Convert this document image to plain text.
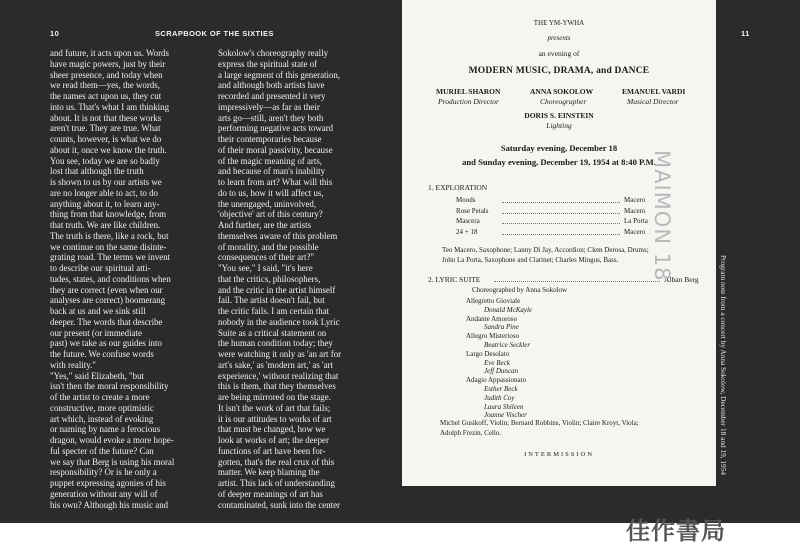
10	SCRAPBOOK OF THE SIXTIES
and future, it acts upon us. Words
have magic powers, just by their
sheer presence, and today when
we read them—yes, the words,
the names act upon us, they cut
into us. That's what I am thinking
about. It is not that these works
aren't true. They are true. What
counts, however, is what we do
about it, once we know the truth.
You see, today we are so badly
lost that although the truth
is shown to us by our artists we
are no longer able to act, to do
anything about it, to learn any-
thing from that knowledge, from
that truth. We are like children.
The truth is there, like a rock, but
we continue on the same disinte-
grating road. The terms we invent
to describe our spiritual atti-
tudes, states, and conditions when
they are correct (even when our
analyses are correct) boomerang
back at us and we sink still
deeper. The words that describe
our present (or immediate
past) we take as our guides into
the future. We confuse words
with reality."
"Yes," said Elizabeth, "but
isn't then the moral responsibility
of the artist to create a more
constructive, more optimistic
art which, instead of evoking
or naming by name a ferocious
dragon, would evoke a more hope-
ful specter of the future? Can
we say that Berg is using his moral
responsibility? Or is he only a
puppet expressing agonies of his
generation without any will of
his own? Although his music and
Sokolow's choreography really
express the spiritual state of
a large segment of this generation,
and although both artists have
recorded and presented it very
impressively—as far as their
arts go—still, aren't they both
performing negative acts toward
their contemporaries because
of their moral passivity, because
of the magic meaning of arts,
and because of man's inability
to learn from art? What will this
do to us, how it will affect us,
the unengaged, uninvolved,
'objective' art of this century?
And further, are the artists
themselves aware of this problem
of morality, and the possible
consequences of their art?"
"You see," I said, "it's here
that the critics, philosophers,
and the critic in the artist himself
fail. The artist doesn't fail, but
the critic fails. I am certain that
nobody in the audience took Lyric
Suite as a critical statement on
the human condition today; they
were watching it only as 'an art for
art's sake,' as 'modern art,' as 'art
experience,' without realizing that
this is them, that they themselves
are being mirrored on the stage.
It isn't the work of art that fails;
it is our attitudes to works of art
that must be changed, how we
look at works of art; the deeper
functions of art have been for-
gotten, that's the real crux of this
matter. We keep blaming the
artist. This lack of understanding
of deeper meanings of art has
contaminated, sunk into the center
11
THE YM-YWHA
presents
an evening of
MODERN MUSIC, DRAMA, and DANCE
MURIEL SHARON
Production Director
ANNA SOKOLOW
Choreographer
EMANUEL VARDI
Musical Director
DORIS S. EINSTEIN
Lighting
Saturday evening, December 18
and Sunday evening, December 19, 1954 at 8:40 P.M.
1. EXPLORATION
Moods	Macero
Rose Petals	Macero
Mascera	La Porta
24 + 18	Macero
Teo Macero, Saxophone; Lanny Di Jay, Accordion; Clem Derosa, Drums;
John La Porta, Saxophone and Clarinet; Charles Mingus, Bass.
2. LYRIC SUITE	Alban Berg
Choreographed by Anna Sokolow
Allegretto Gioviale
Donald McKayle
Andante Amoroso
Sandra Pine
Allegro Misterioso
Beatrice Seckler
Largo Desolato
Eve Beck
Jeff Duncan
Adagio Appassionato
Esther Beck
Judith Coy
Laura Shileen
Joanne Vischer
Michel Gusikoff, Violin; Bernard Robbins, Violin; Claire Kroyt, Viola;
Adolph Frezin, Cello.
INTERMISSION
MAIMON 18
Program note from a concert by Anna Sokolow, December 18 and 19, 1954
佳作書局
